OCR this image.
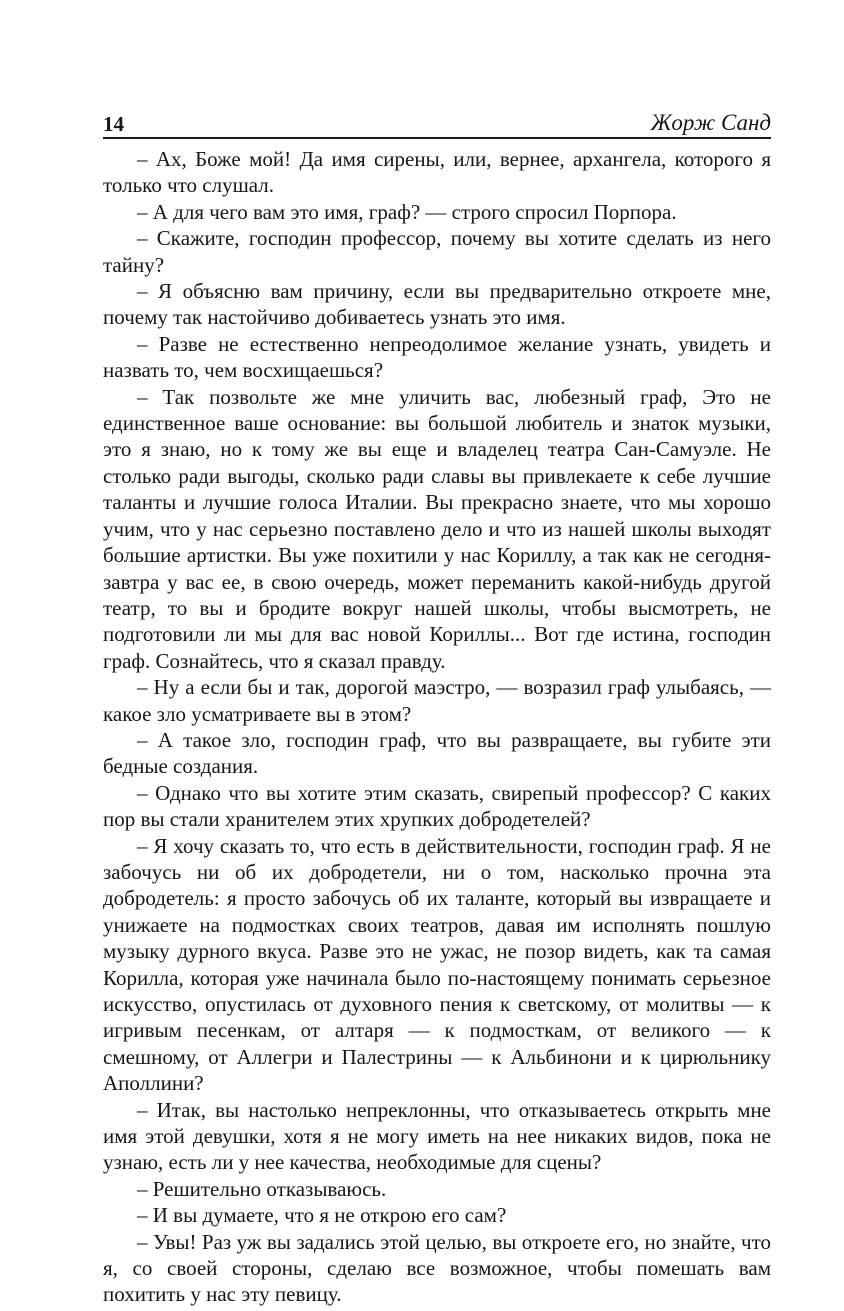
14	Жорж Санд

– Ах, Боже мой! Да имя сирены, или, вернее, архангела, которого я только что слушал.

– А для чего вам это имя, граф? — строго спросил Порпора.

– Скажите, господин профессор, почему вы хотите сделать из него тайну?

– Я объясню вам причину, если вы предварительно откроете мне, почему так настойчиво добиваетесь узнать это имя.

– Разве не естественно непреодолимое желание узнать, увидеть и назвать то, чем восхищаешься?

– Так позвольте же мне уличить вас, любезный граф, Это не единственное ваше основание: вы большой любитель и знаток музыки, это я знаю, но к тому же вы еще и владелец театра Сан-Самуэле. Не столько ради выгоды, сколько ради славы вы привлекаете к себе лучшие таланты и лучшие голоса Италии. Вы прекрасно знаете, что мы хорошо учим, что у нас серьезно поставлено дело и что из нашей школы выходят большие артистки. Вы уже похитили у нас Кориллу, а так как не сегодня-завтра у вас ее, в свою очередь, может переманить какой-нибудь другой театр, то вы и бродите вокруг нашей школы, чтобы высмотреть, не подготовили ли мы для вас новой Кориллы... Вот где истина, господин граф. Сознайтесь, что я сказал правду.

– Ну а если бы и так, дорогой маэстро, — возразил граф улыбаясь, — какое зло усматриваете вы в этом?

– А такое зло, господин граф, что вы развращаете, вы губите эти бедные создания.

– Однако что вы хотите этим сказать, свирепый профессор? С каких пор вы стали хранителем этих хрупких добродетелей?

– Я хочу сказать то, что есть в действительности, господин граф. Я не забочусь ни об их добродетели, ни о том, насколько прочна эта добродетель: я просто забочусь об их таланте, который вы извращаете и унижаете на подмостках своих театров, давая им исполнять пошлую музыку дурного вкуса. Разве это не ужас, не позор видеть, как та самая Корилла, которая уже начинала было по-настоящему понимать серьезное искусство, опустилась от духовного пения к светскому, от молитвы — к игривым песенкам, от алтаря — к подмосткам, от великого — к смешному, от Аллегри и Палестрины — к Альбинони и к цирюльнику Аполлини?

– Итак, вы настолько непреклонны, что отказываетесь открыть мне имя этой девушки, хотя я не могу иметь на нее никаких видов, пока не узнаю, есть ли у нее качества, необходимые для сцены?

– Решительно отказываюсь.

– И вы думаете, что я не открою его сам?

– Увы! Раз уж вы задались этой целью, вы откроете его, но знайте, что я, со своей стороны, сделаю все возможное, чтобы помешать вам похитить у нас эту певицу.
